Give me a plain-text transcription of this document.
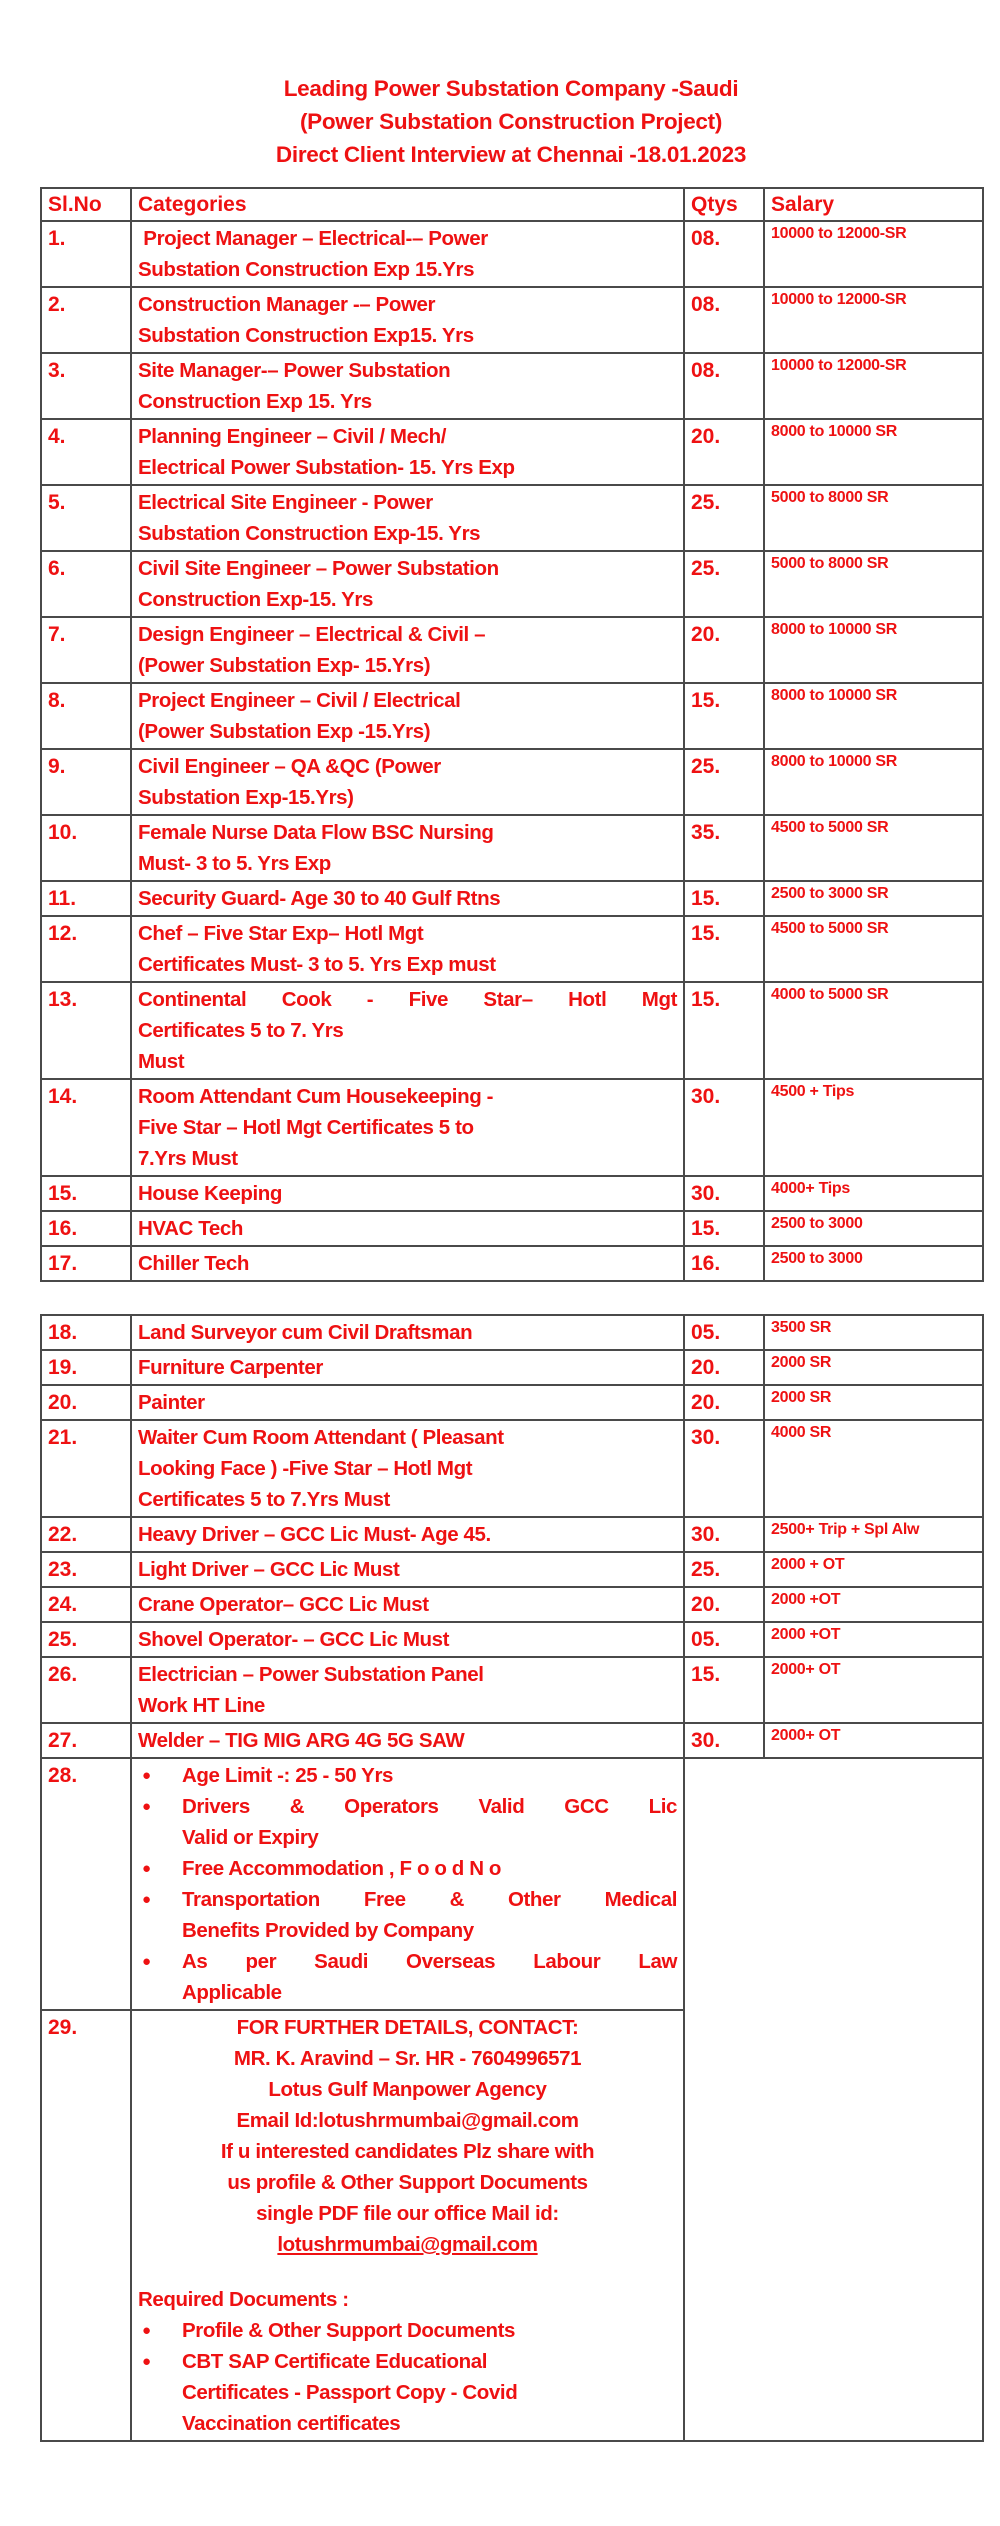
Leading Power Substation Company -Saudi
(Power Substation Construction Project)
Direct Client Interview at Chennai -18.01.2023
Sl.No	Categories	Qtys	Salary
1.	Project Manager – Electrical-– Power
Substation Construction Exp 15.Yrs	08.	10000 to 12000-SR

2.	Construction Manager -– Power
Substation Construction Exp15. Yrs	08.	10000 to 12000-SR

3.	Site Manager-– Power Substation
Construction Exp 15. Yrs	08.	10000 to 12000-SR

4.	Planning Engineer – Civil / Mech/
Electrical Power Substation- 15. Yrs Exp	20.	8000 to 10000 SR

5.	Electrical Site Engineer - Power
Substation Construction Exp-15. Yrs	25.	5000 to 8000 SR

6.	Civil Site Engineer – Power Substation
Construction Exp-15. Yrs	25.	5000 to 8000 SR

7.	Design Engineer – Electrical & Civil –
(Power Substation Exp- 15.Yrs)	20.	8000 to 10000 SR

8.	Project Engineer – Civil / Electrical
(Power Substation Exp -15.Yrs)	15.	8000 to 10000 SR

9.	Civil Engineer – QA &QC (Power
Substation Exp-15.Yrs)	25.	8000 to 10000 SR

10.	Female Nurse Data Flow BSC Nursing
Must- 3 to 5. Yrs Exp	35.	4500 to 5000 SR

11.	Security Guard- Age 30 to 40 Gulf Rtns	15.	2500 to 3000 SR

12.	Chef – Five Star Exp– Hotl Mgt
Certificates Must- 3 to 5. Yrs Exp must	15.	4500 to 5000 SR

13.	Continental Cook - Five Star– Hotl Mgt
Certificates 5 to 7. Yrs
Must	15.	4000 to 5000 SR

14.	Room Attendant Cum Housekeeping -
Five Star – Hotl Mgt Certificates 5 to
7.Yrs Must	30.	4500 + Tips

15.	House Keeping	30.	4000+ Tips

16.	HVAC Tech	15.	2500 to 3000

17.	Chiller Tech	16.	2500 to 3000
18.	Land Surveyor cum Civil Draftsman	05.	3500 SR

19.	Furniture Carpenter	20.	2000 SR

20.	Painter	20.	2000 SR

21.	Waiter Cum Room Attendant ( Pleasant
Looking Face ) -Five Star – Hotl Mgt
Certificates 5 to 7.Yrs Must	30.	4000 SR

22.	Heavy Driver – GCC Lic Must- Age 45.	30.	2500+ Trip + Spl Alw

23.	Light Driver – GCC Lic Must	25.	2000 + OT

24.	Crane Operator– GCC Lic Must	20.	2000 +OT

25.	Shovel Operator- – GCC Lic Must	05.	2000 +OT

26.	Electrician – Power Substation Panel
Work HT Line	15.	2000+ OT

27.	Welder – TIG MIG ARG 4G 5G SAW	30.	2000+ OT

28.	●	Age Limit -: 25 - 50 Yrs
●	Drivers & Operators Valid GCC Lic
Valid or Expiry
●	Free Accommodation , F o o d N o
●	Transportation Free & Other Medical
Benefits Provided by Company
●	As per Saudi Overseas Labour Law
Applicable

29.	FOR FURTHER DETAILS, CONTACT:
MR. K. Aravind – Sr. HR - 7604996571
Lotus Gulf Manpower Agency
Email Id:lotushrmumbai@gmail.com
If u interested candidates Plz share with
us profile & Other Support Documents
single PDF file our office Mail id:
lotushrmumbai@gmail.com
Required Documents :
●	Profile & Other Support Documents
●	CBT SAP Certificate Educational
Certificates - Passport Copy - Covid
Vaccination certificates
